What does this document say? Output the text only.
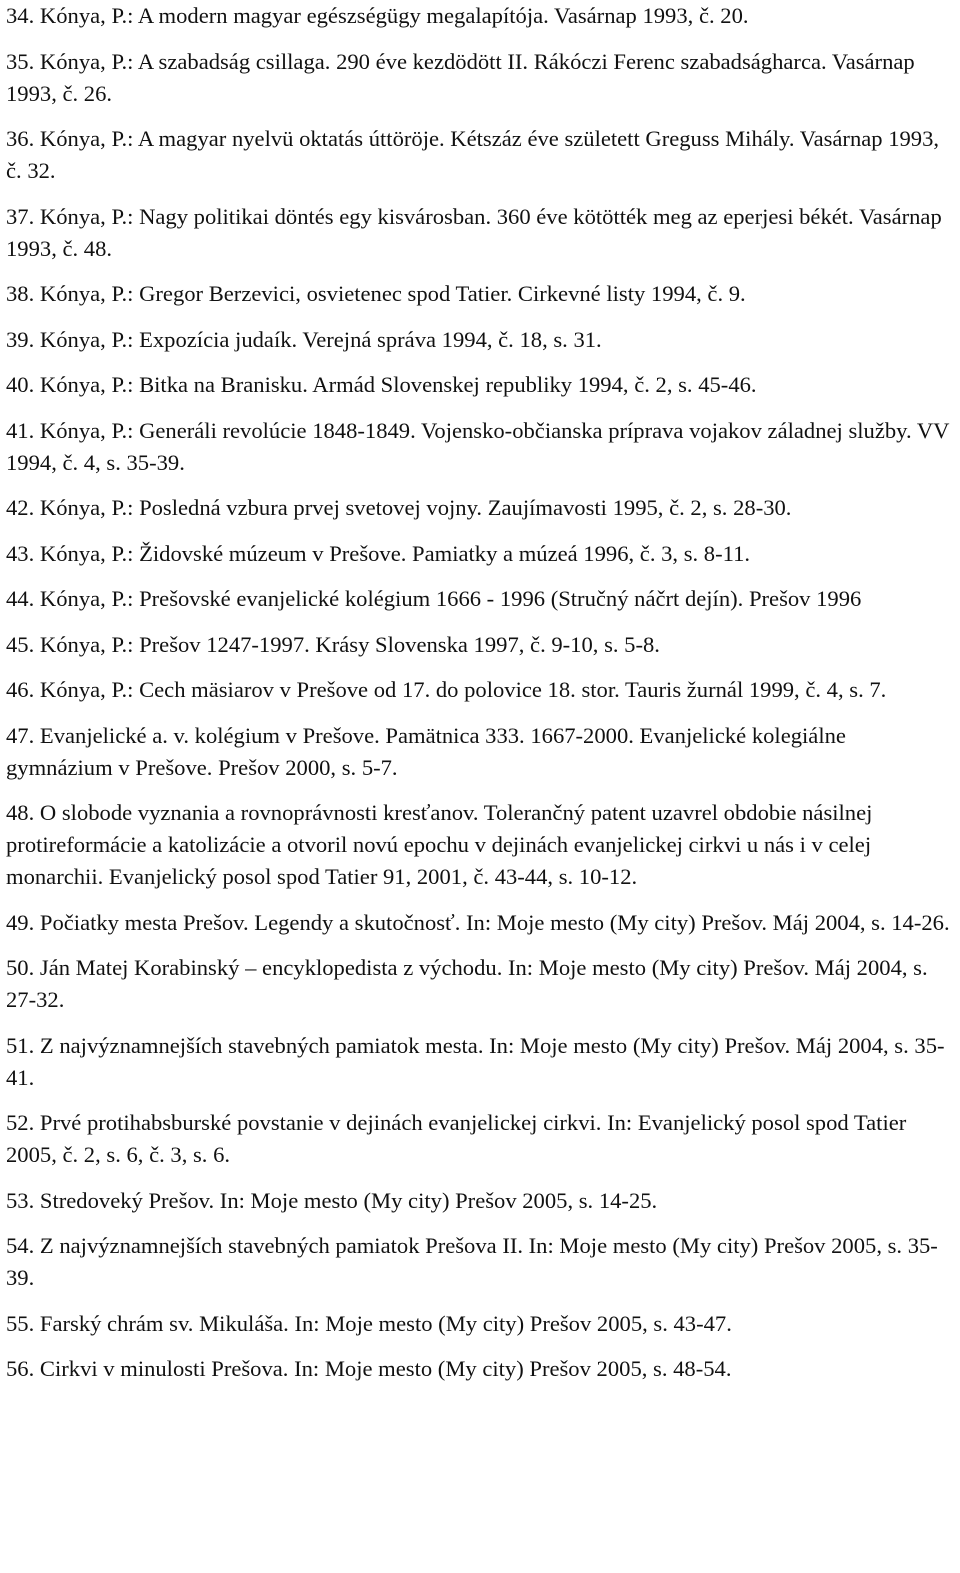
34. Kónya, P.: A modern magyar egészségügy megalapítója. Vasárnap 1993, č. 20.

35. Kónya, P.: A szabadság csillaga. 290 éve kezdödött II. Rákóczi Ferenc szabadságharca. Vasárnap 1993, č. 26.

36. Kónya, P.: A magyar nyelvü oktatás úttöröje. Kétszáz éve született Greguss Mihály. Vasárnap 1993, č. 32.

37. Kónya, P.: Nagy politikai döntés egy kisvárosban. 360 éve kötötték meg az eperjesi békét. Vasárnap 1993, č. 48.

38. Kónya, P.: Gregor Berzevici, osvietenec spod Tatier. Cirkevné listy 1994, č. 9.

39. Kónya, P.: Expozícia judaík. Verejná správa 1994, č. 18, s. 31.

40. Kónya, P.: Bitka na Branisku. Armád Slovenskej republiky 1994, č. 2, s. 45-46.

41. Kónya, P.: Generáli revolúcie 1848-1849. Vojensko-občianska príprava vojakov záladnej služby. VV 1994, č. 4, s. 35-39.

42. Kónya, P.: Posledná vzbura prvej svetovej vojny. Zaujímavosti 1995, č. 2, s. 28-30.

43. Kónya, P.: Židovské múzeum v Prešove. Pamiatky a múzeá 1996, č. 3, s. 8-11.

44. Kónya, P.: Prešovské evanjelické kolégium 1666 - 1996 (Stručný náčrt dejín). Prešov 1996

45. Kónya, P.: Prešov 1247-1997. Krásy Slovenska 1997, č. 9-10, s. 5-8.

46. Kónya, P.: Cech mäsiarov v Prešove od 17. do polovice 18. stor. Tauris žurnál 1999, č. 4, s. 7.

47. Evanjelické a. v. kolégium v Prešove. Pamätnica 333. 1667-2000. Evanjelické kolegiálne gymnázium v Prešove. Prešov 2000, s. 5-7.

48. O slobode vyznania a rovnoprávnosti kresťanov. Tolerančný patent uzavrel obdobie násilnej protireformácie a katolizácie a otvoril novú epochu v dejinách evanjelickej cirkvi u nás i v celej monarchii. Evanjelický posol spod Tatier 91, 2001, č. 43-44, s. 10-12.

49. Počiatky mesta Prešov. Legendy a skutočnosť. In: Moje mesto (My city) Prešov. Máj 2004, s. 14-26.

50. Ján Matej Korabinský – encyklopedista z východu. In: Moje mesto (My city) Prešov. Máj 2004, s. 27-32.

51. Z najvýznamnejších stavebných pamiatok mesta. In: Moje mesto (My city) Prešov. Máj 2004, s. 35-41.

52. Prvé protihabsburské povstanie v dejinách evanjelickej cirkvi. In: Evanjelický posol spod Tatier 2005, č. 2, s. 6, č. 3, s. 6.

53. Stredoveký Prešov. In: Moje mesto (My city) Prešov 2005, s. 14-25.

54. Z najvýznamnejších stavebných pamiatok Prešova II. In: Moje mesto (My city) Prešov 2005, s. 35-39.

55. Farský chrám sv. Mikuláša. In: Moje mesto (My city) Prešov 2005, s. 43-47.

56. Cirkvi v minulosti Prešova. In: Moje mesto (My city) Prešov 2005, s. 48-54.
